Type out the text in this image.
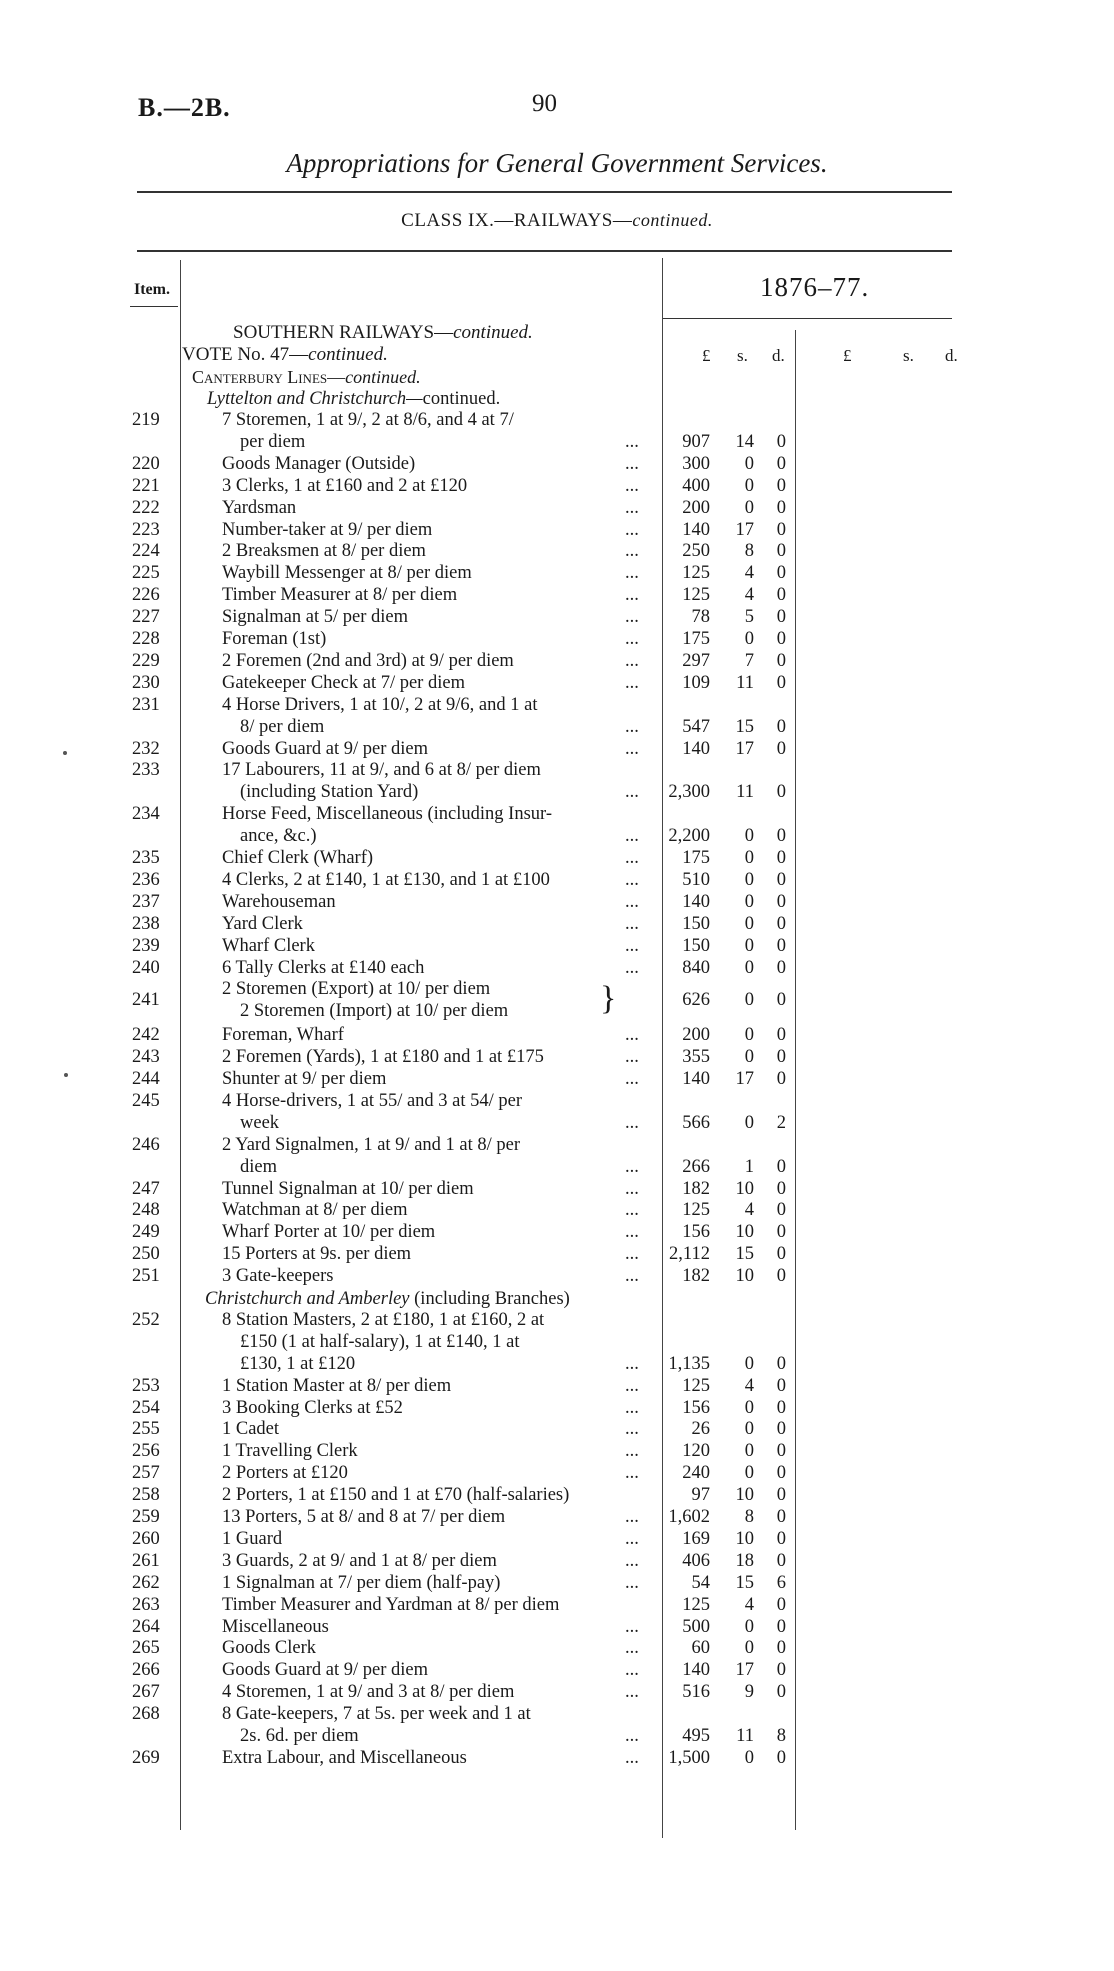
B.—2B.	90
Appropriations for General Government Services.
CLASS IX.—RAILWAYS—continued.
Item.	1876–77.
£ s. d.	£	s. d.
SOUTHERN RAILWAYS—continued.
VOTE No. 47—continued.
Canterbury Lines—continued.
Lyttelton and Christchurch—continued.
219	7 Storemen, 1 at 9/, 2 at 8/6, and 4 at 7/
per diem	...	907	14	0
220	Goods Manager (Outside)	...	300	0	0
221	3 Clerks, 1 at £160 and 2 at £120	...	400	0	0
222	Yardsman	...	200	0	0
223	Number-taker at 9/ per diem	...	140	17	0
224	2 Breaksmen at 8/ per diem	...	250	8	0
225	Waybill Messenger at 8/ per diem	...	125	4	0
226	Timber Measurer at 8/ per diem	...	125	4	0
227	Signalman at 5/ per diem	...	78	5	0
228	Foreman (1st)	...	175	0	0
229	2 Foremen (2nd and 3rd) at 9/ per diem	...	297	7	0
230	Gatekeeper Check at 7/ per diem	...	109	11	0
231	4 Horse Drivers, 1 at 10/, 2 at 9/6, and 1 at
8/ per diem	...	547	15	0
232	Goods Guard at 9/ per diem	...	140	17	0
233	17 Labourers, 11 at 9/, and 6 at 8/ per diem
(including Station Yard)	...	2,300	11	0
234	Horse Feed, Miscellaneous (including Insur-
ance, &c.)	...	2,200	0	0
235	Chief Clerk (Wharf)	...	175	0	0
236	4 Clerks, 2 at £140, 1 at £130, and 1 at £100	...	510	0	0
237	Warehouseman	...	140	0	0
238	Yard Clerk	...	150	0	0
239	Wharf Clerk	...	150	0	0
240	6 Tally Clerks at £140 each	...	840	0	0
241
2 Storemen (Export) at 10/ per diem
2 Storemen (Import) at 10/ per diem	}	626	0	0
242	Foreman, Wharf	...	200	0	0
243	2 Foremen (Yards), 1 at £180 and 1 at £175	...	355	0	0
244	Shunter at 9/ per diem	...	140	17	0
245	4 Horse-drivers, 1 at 55/ and 3 at 54/ per
week	...	566	0	2
246	2 Yard Signalmen, 1 at 9/ and 1 at 8/ per
diem	...	266	1	0
247	Tunnel Signalman at 10/ per diem	...	182	10	0
248	Watchman at 8/ per diem	...	125	4	0
249	Wharf Porter at 10/ per diem	...	156	10	0
250	15 Porters at 9s. per diem	...	2,112	15	0
251	3 Gate-keepers	...	182	10	0
Christchurch and Amberley (including Branches)
252	8 Station Masters, 2 at £180, 1 at £160, 2 at
£150 (1 at half-salary), 1 at £140, 1 at
£130, 1 at £120	...	1,135	0	0
253	1 Station Master at 8/ per diem	...	125	4	0
254	3 Booking Clerks at £52	...	156	0	0
255	1 Cadet	...	26	0	0
256	1 Travelling Clerk	...	120	0	0
257	2 Porters at £120	...	240	0	0
258	2 Porters, 1 at £150 and 1 at £70 (half-salaries)	97	10	0
259	13 Porters, 5 at 8/ and 8 at 7/ per diem	...	1,602	8	0
260	1 Guard	...	169	10	0
261	3 Guards, 2 at 9/ and 1 at 8/ per diem	...	406	18	0
262	1 Signalman at 7/ per diem (half-pay)	...	54	15	6
263	Timber Measurer and Yardman at 8/ per diem	125	4	0
264	Miscellaneous	...	500	0	0
265	Goods Clerk	...	60	0	0
266	Goods Guard at 9/ per diem	...	140	17	0
267	4 Storemen, 1 at 9/ and 3 at 8/ per diem	...	516	9	0
268	8 Gate-keepers, 7 at 5s. per week and 1 at
2s. 6d. per diem	...	495	11	8
269	Extra Labour, and Miscellaneous	...	1,500	0	0
